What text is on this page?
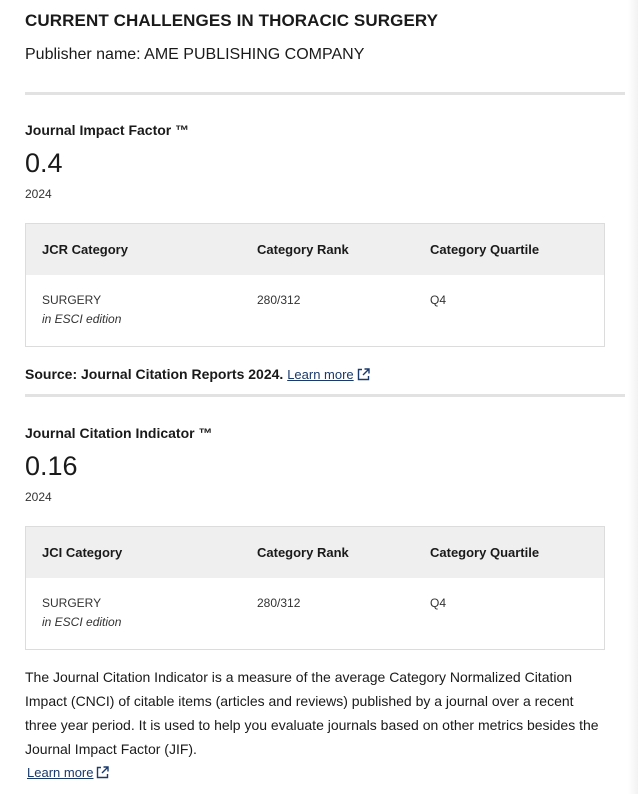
CURRENT CHALLENGES IN THORACIC SURGERY
Publisher name: AME PUBLISHING COMPANY
Journal Impact Factor ™
0.4
2024
JCR Category	Category Rank	Category Quartile
SURGERY
in ESCI edition
280/312	Q4
Source: Journal Citation Reports 2024. Learn more
Journal Citation Indicator ™
0.16
2024
JCI Category	Category Rank	Category Quartile
SURGERY
in ESCI edition
280/312	Q4

The Journal Citation Indicator is a measure of the average Category Normalized Citation Impact (CNCI) of citable items (articles and reviews) published by a journal over a recent three year period. It is used to help you evaluate journals based on other metrics besides the Journal Impact Factor (JIF).

Learn more
